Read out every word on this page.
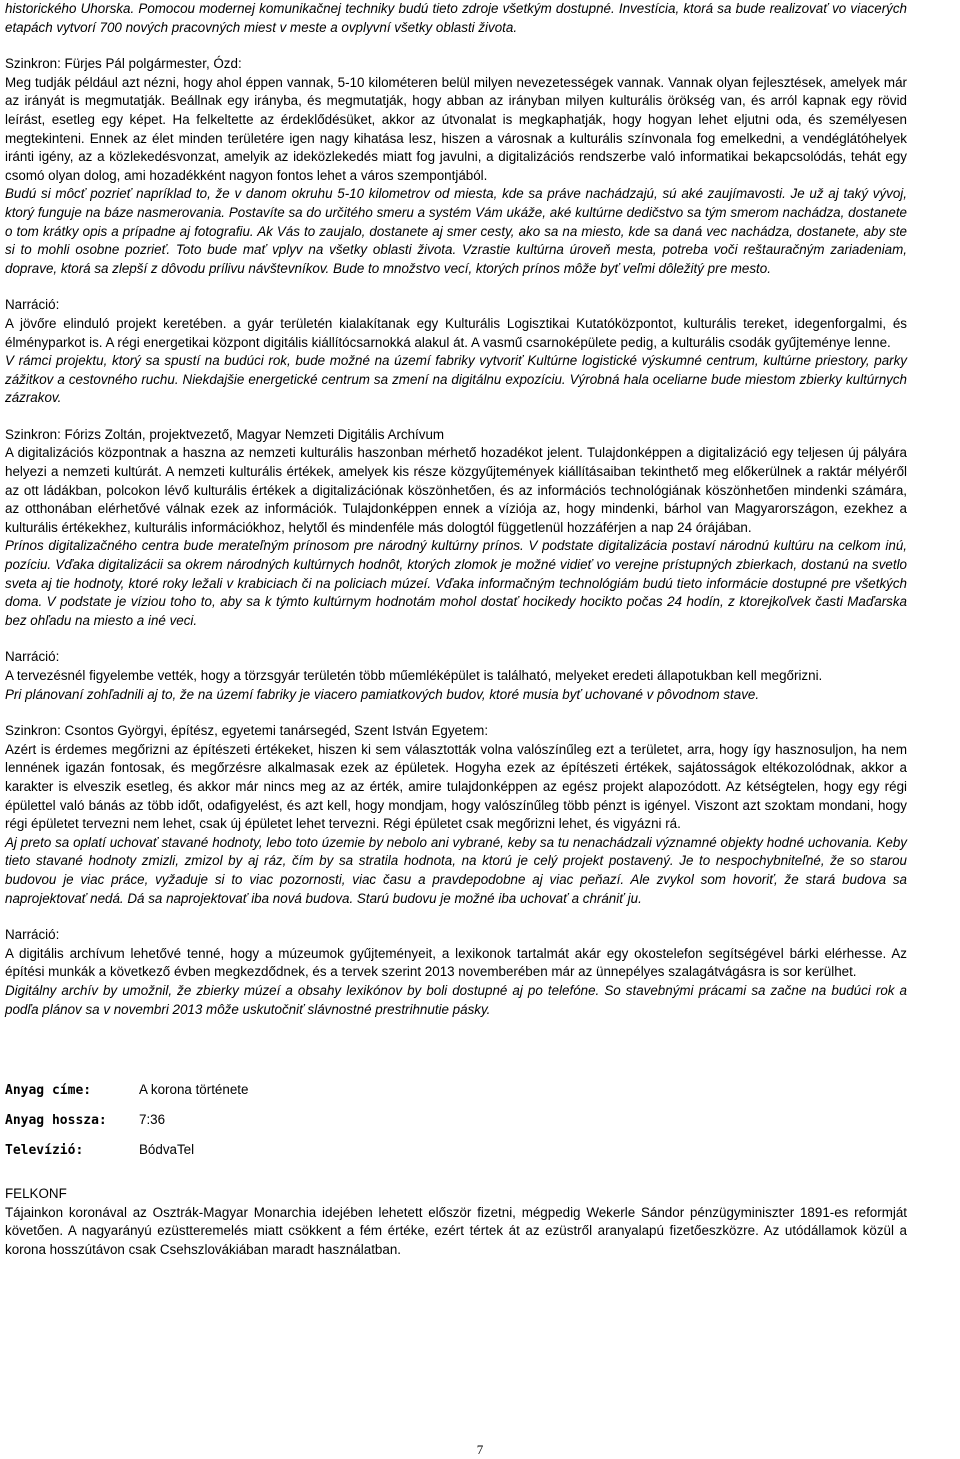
historického Uhorska. Pomocou modernej komunikačnej techniky budú tieto zdroje všetkým dostupné. Investícia, ktorá sa bude realizovať vo viacerých etapách vytvorí 700 nových pracovných miest v meste a ovplyvní všetky oblasti života.

Szinkron: Fürjes Pál polgármester, Ózd:

Meg tudják például azt nézni, hogy ahol éppen vannak, 5-10 kilométeren belül milyen nevezetességek vannak. Vannak olyan fejlesztések, amelyek már az irányát is megmutatják. Beállnak egy irányba, és megmutatják, hogy abban az irányban milyen kulturális örökség van, és arról kapnak egy rövid leírást, esetleg egy képet. Ha felkeltette az érdeklődésüket, akkor az útvonalat is megkaphatják, hogy hogyan lehet eljutni oda, és személyesen megtekinteni. Ennek az élet minden területére igen nagy kihatása lesz, hiszen a városnak a kulturális színvonala fog emelkedni, a vendéglátóhelyek iránti igény, az a közlekedésvonzat, amelyik az ideközlekedés miatt fog javulni, a digitalizációs rendszerbe való informatikai bekapcsolódás, tehát egy csomó olyan dolog, ami hozadékként nagyon fontos lehet a város szempontjából.

Budú si môcť pozrieť napríklad to, že v danom okruhu 5-10 kilometrov od miesta, kde sa práve nachádzajú, sú aké zaujímavosti. Je už aj taký vývoj, ktorý funguje na báze nasmerovania. Postavíte sa do určitého smeru a systém Vám ukáže, aké kultúrne dedičstvo sa tým smerom nachádza, dostanete o tom krátky opis a prípadne aj fotografiu. Ak Vás to zaujalo, dostanete aj smer cesty, ako sa na miesto, kde sa daná vec nachádza, dostanete, aby ste si to mohli osobne pozrieť. Toto bude mať vplyv na všetky oblasti života. Vzrastie kultúrna úroveň mesta, potreba voči reštauračným zariadeniam, doprave, ktorá sa zlepší z dôvodu prílivu návštevníkov. Bude to množstvo vecí, ktorých prínos môže byť veľmi dôležitý pre mesto.

Narráció:

A jövőre elinduló projekt keretében. a gyár területén kialakítanak egy Kulturális Logisztikai Kutatóközpontot, kulturális tereket, idegenforgalmi, és élményparkot is. A régi energetikai központ digitális kiállítócsarnokká alakul át. A vasmű csarnoképülete pedig, a kulturális csodák gyűjteménye lenne.

V rámci projektu, ktorý sa spustí na budúci rok, bude možné na území fabriky vytvoriť Kultúrne logistické výskumné centrum, kultúrne priestory, parky zážitkov a cestovného ruchu. Niekdajšie energetické centrum sa zmení na digitálnu expozíciu. Výrobná hala oceliarne bude miestom zbierky kultúrnych zázrakov.

Szinkron: Fórizs Zoltán, projektvezető, Magyar Nemzeti Digitális Archívum

A digitalizációs központnak a haszna az nemzeti kulturális haszonban mérhető hozadékot jelent. Tulajdonképpen a digitalizáció egy teljesen új pályára helyezi a nemzeti kultúrát. A nemzeti kulturális értékek, amelyek kis része közgyűjtemények kiállításaiban tekinthető meg előkerülnek a raktár mélyéről az ott ládákban, polcokon lévő kulturális értékek a digitalizációnak köszönhetően, és az információs technológiának köszönhetően mindenki számára, az otthonában elérhetővé válnak ezek az információk. Tulajdonképpen ennek a víziója az, hogy mindenki, bárhol van Magyarországon, ezekhez a kulturális értékekhez, kulturális információkhoz, helytől és mindenféle más dologtól függetlenül hozzáférjen a nap 24 órájában.

Prínos digitalizačného centra bude merateľným prínosom pre národný kultúrny prínos. V podstate digitalizácia postaví národnú kultúru na celkom inú, pozíciu. Vďaka digitalizácii sa okrem národných kultúrnych hodnôt, ktorých zlomok je možné vidieť vo verejne prístupných zbierkach, dostanú na svetlo sveta aj tie hodnoty, ktoré roky ležali v krabiciach či na policiach múzeí. Vďaka informačným technológiám budú tieto informácie dostupné pre všetkých doma. V podstate je víziou toho to, aby sa k týmto kultúrnym hodnotám mohol dostať hocikedy hocikto počas 24 hodín, z ktorejkoľvek časti Maďarska bez ohľadu na miesto a iné veci.

Narráció:

A tervezésnél figyelembe vették, hogy a törzsgyár területén több műemléképület is található, melyeket eredeti állapotukban kell megőrizni.

Pri plánovaní zohľadnili aj to, že na území fabriky je viacero pamiatkových budov, ktoré musia byť uchované v pôvodnom stave.

Szinkron: Csontos Györgyi, építész, egyetemi tanársegéd, Szent István Egyetem:

Azért is érdemes megőrizni az építészeti értékeket, hiszen ki sem választották volna valószínűleg ezt a területet, arra, hogy így hasznosuljon, ha nem lennének igazán fontosak, és megőrzésre alkalmasak ezek az épületek. Hogyha ezek az építészeti értékek, sajátosságok eltékozolódnak, akkor a karakter is elveszik esetleg, és akkor már nincs meg az az érték, amire tulajdonképpen az egész projekt alapozódott. Az kétségtelen, hogy egy régi épülettel való bánás az több időt, odafigyelést, és azt kell, hogy mondjam, hogy valószínűleg több pénzt is igényel. Viszont azt szoktam mondani, hogy régi épületet tervezni nem lehet, csak új épületet lehet tervezni. Régi épületet csak megőrizni lehet, és vigyázni rá.

Aj preto sa oplatí uchovať stavané hodnoty, lebo toto územie by nebolo ani vybrané, keby sa tu nenachádzali významné objekty hodné uchovania. Keby tieto stavané hodnoty zmizli, zmizol by aj ráz, čím by sa stratila hodnota, na ktorú je celý projekt postavený. Je to nespochybniteľné, že so starou budovou je viac práce, vyžaduje si to viac pozornosti, viac času a pravdepodobne aj viac peňazí. Ale zvykol som hovoriť, že stará budova sa naprojektovať nedá. Dá sa naprojektovať iba nová budova. Starú budovu je možné iba uchovať a chrániť ju.

Narráció:

A digitális archívum lehetővé tenné, hogy a múzeumok gyűjteményeit, a lexikonok tartalmát akár egy okostelefon segítségével bárki elérhesse. Az építési munkák a következő évben megkezdődnek, és a tervek szerint 2013 novemberében már az ünnepélyes szalagátvágásra is sor kerülhet.

Digitálny archív by umožnil, že zbierky múzeí a obsahy lexikónov by boli dostupné aj po telefóne. So stavebnými prácami sa začne na budúci rok a podľa plánov sa v novembri 2013 môže uskutočniť slávnostné prestrihnutie pásky.

Anyag címe:	A korona története
Anyag hossza:	7:36
Televízió:	BódvaTel

FELKONF

Tájainkon koronával az Osztrák-Magyar Monarchia idejében lehetett először fizetni, mégpedig Wekerle Sándor pénzügyminiszter 1891-es reformját követően. A nagyarányú ezüstteremelés miatt csökkent a fém értéke, ezért tértek át az ezüstről aranyalapú fizetőeszközre. Az utódállamok közül a korona hosszútávon csak Csehszlovákiában maradt használatban.

7
